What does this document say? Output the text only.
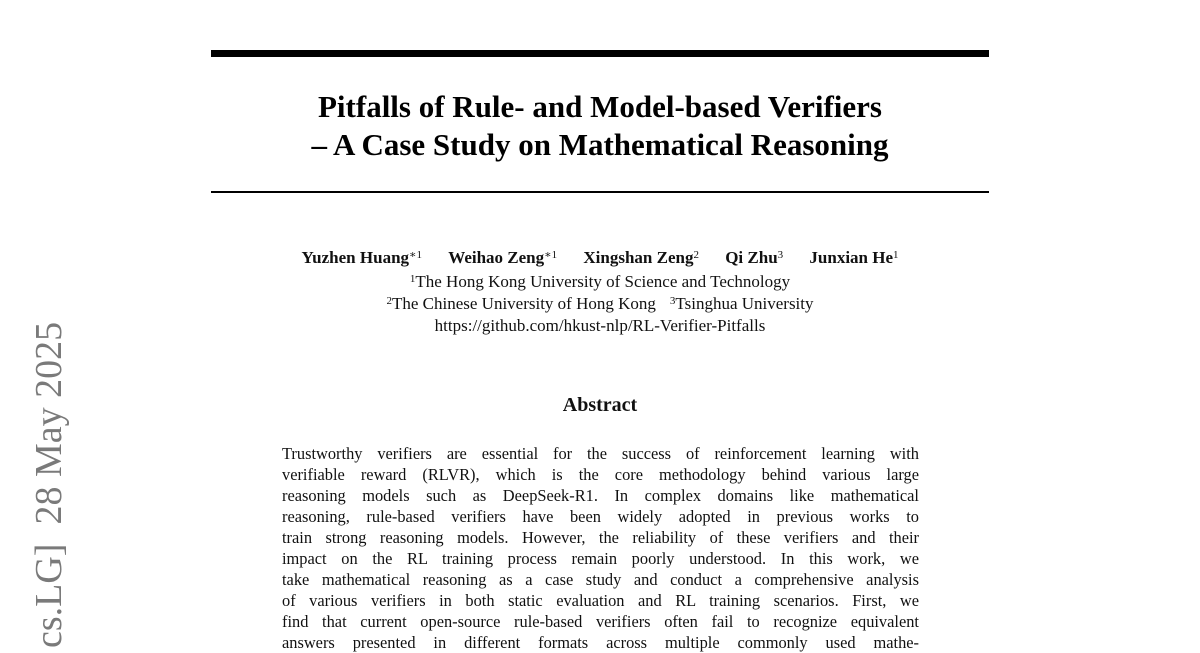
Pitfalls of Rule- and Model-based Verifiers
– A Case Study on Mathematical Reasoning
Yuzhen Huang$^{∗1}$ Weihao Zeng$^{∗1}$ Xingshan Zeng$^2$ Qi Zhu$^3$ Junxian He$^1$
$^1$The Hong Kong University of Science and Technology
$^2$The Chinese University of Hong Kong $^3$Tsinghua University
https://github.com/hkust-nlp/RL-Verifier-Pitfalls
Abstract
Trustworthy verifiers are essential for the success of reinforcement learning with
verifiable reward (RLVR), which is the core methodology behind various large
reasoning models such as DeepSeek-R1. In complex domains like mathematical
reasoning, rule-based verifiers have been widely adopted in previous works to
train strong reasoning models. However, the reliability of these verifiers and their
impact on the RL training process remain poorly understood. In this work, we
take mathematical reasoning as a case study and conduct a comprehensive analysis
of various verifiers in both static evaluation and RL training scenarios. First, we
find that current open-source rule-based verifiers often fail to recognize equivalent
answers presented in different formats across multiple commonly used mathe-
cs.LG]  28 May 2025
